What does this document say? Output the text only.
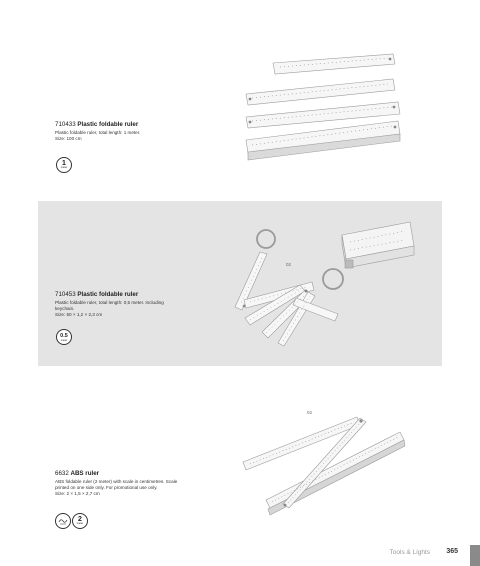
710433 Plastic foldable ruler

Plastic foldable ruler, total length: 1 meter.

Size: 100 cm

1
meter

710453 Plastic foldable ruler

Plastic foldable ruler, total length: 0,5 meter. Including

keychain.

Size: 50 × 1,2 × 2,3 cm

0.5
meter
02

6632 ABS ruler

ABS foldable ruler (2 meter) with scale in centimetres. Scale

printed on one side only. For promotional use only.

Size: 2 × 1,5 × 2,7 cm

2
meter
02
Tools & Lights 365
